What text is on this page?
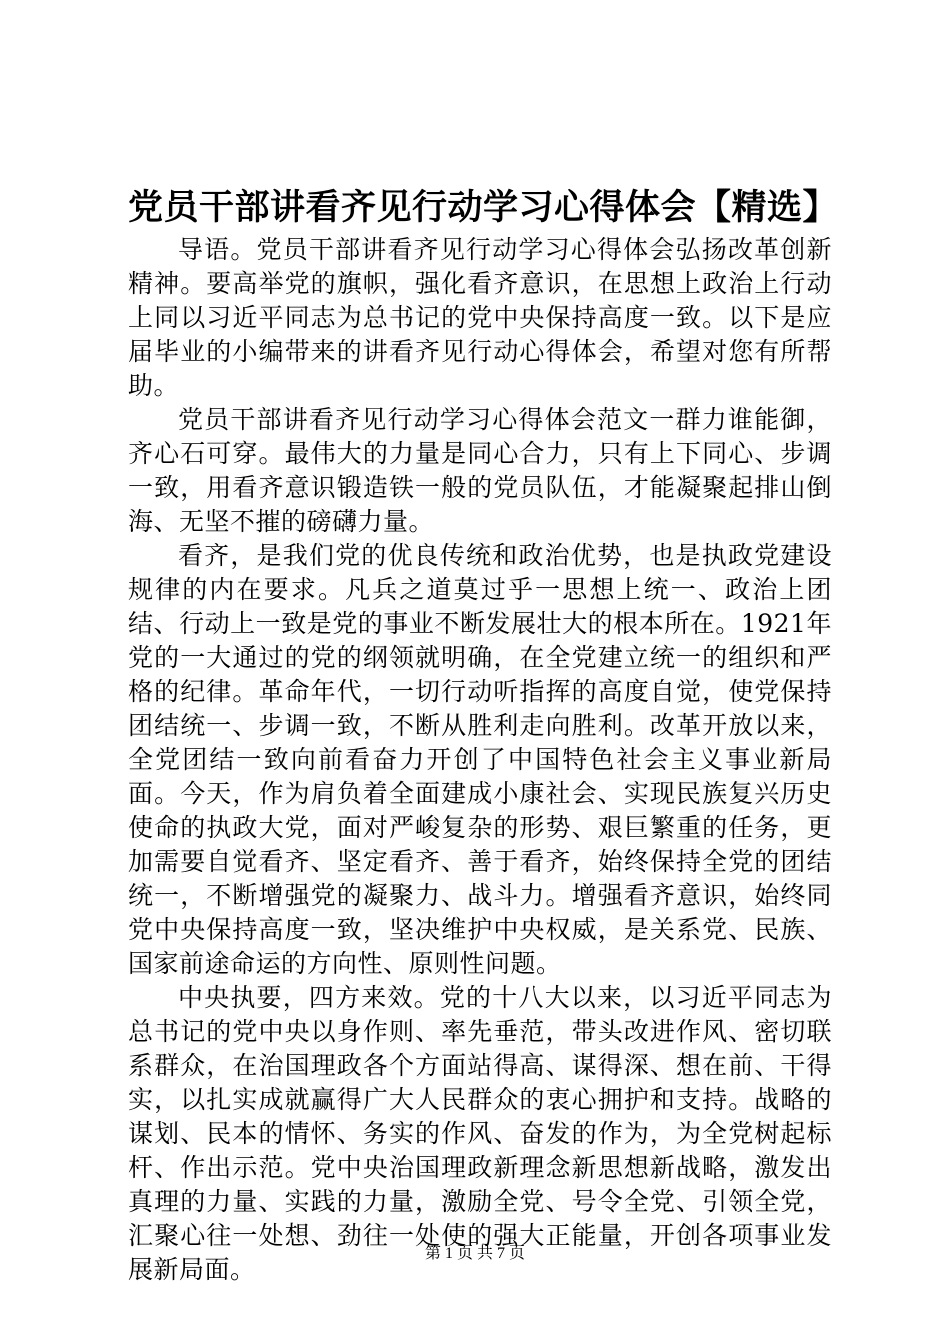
党员干部讲看齐见行动学习心得体会【精选】

导语。党员干部讲看齐见行动学习心得体会弘扬改革创新精神。要高举党的旗帜，强化看齐意识，在思想上政治上行动上同以习近平同志为总书记的党中央保持高度一致。以下是应届毕业的小编带来的讲看齐见行动心得体会，希望对您有所帮助。

党员干部讲看齐见行动学习心得体会范文一群力谁能御，齐心石可穿。最伟大的力量是同心合力，只有上下同心、步调一致，用看齐意识锻造铁一般的党员队伍，才能凝聚起排山倒海、无坚不摧的磅礴力量。

看齐，是我们党的优良传统和政治优势，也是执政党建设规律的内在要求。凡兵之道莫过乎一思想上统一、政治上团结、行动上一致是党的事业不断发展壮大的根本所在。1921年党的一大通过的党的纲领就明确，在全党建立统一的组织和严格的纪律。革命年代，一切行动听指挥的高度自觉，使党保持团结统一、步调一致，不断从胜利走向胜利。改革开放以来，全党团结一致向前看奋力开创了中国特色社会主义事业新局面。今天，作为肩负着全面建成小康社会、实现民族复兴历史使命的执政大党，面对严峻复杂的形势、艰巨繁重的任务，更加需要自觉看齐、坚定看齐、善于看齐，始终保持全党的团结统一，不断增强党的凝聚力、战斗力。增强看齐意识，始终同党中央保持高度一致，坚决维护中央权威，是关系党、民族、国家前途命运的方向性、原则性问题。

中央执要，四方来效。党的十八大以来，以习近平同志为总书记的党中央以身作则、率先垂范，带头改进作风、密切联系群众，在治国理政各个方面站得高、谋得深、想在前、干得实，以扎实成就赢得广大人民群众的衷心拥护和支持。战略的谋划、民本的情怀、务实的作风、奋发的作为，为全党树起标杆、作出示范。党中央治国理政新理念新思想新战略，激发出真理的力量、实践的力量，激励全党、号令全党、引领全党，汇聚心往一处想、劲往一处使的强大正能量，开创各项事业发展新局面。

第 1 页 共 7 页
